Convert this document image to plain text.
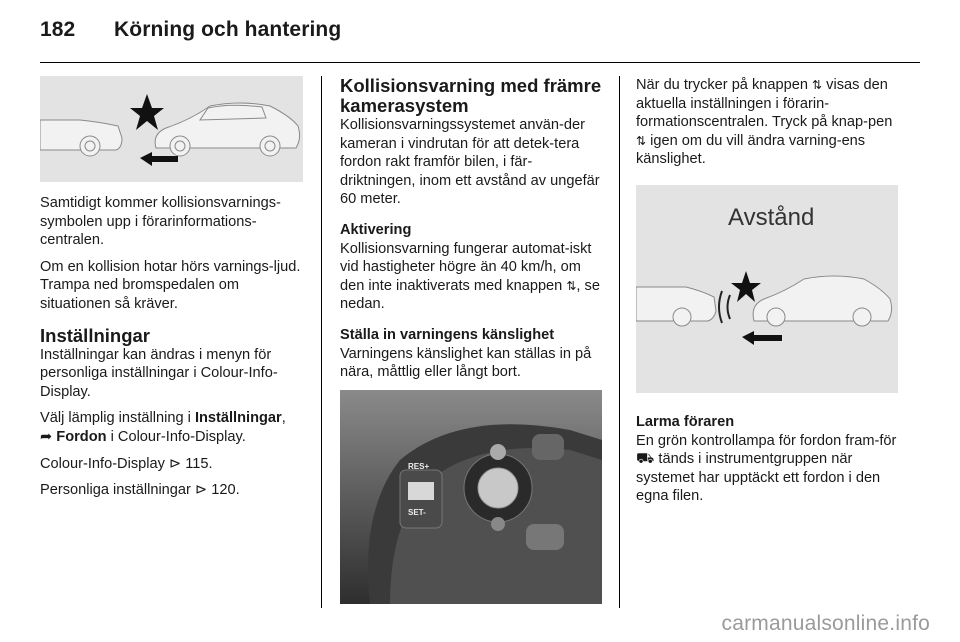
182 Körning och hantering

Samtidigt kommer kollisionsvarnings-symbolen upp i förarinformations-centralen.

Om en kollision hotar hörs varnings-ljud. Trampa ned bromspedalen om situationen så kräver.

Inställningar

Inställningar kan ändras i menyn för personliga inställningar i Colour-Info-Display.

Välj lämplig inställning i Inställningar,
➦ Fordon i Colour-Info-Display.

Colour-Info-Display ⊳ 115.

Personliga inställningar ⊳ 120.

Kollisionsvarning med främre kamerasystem

Kollisionsvarningssystemet använ-der kameran i vindrutan för att detek-tera fordon rakt framför bilen, i fär-driktningen, inom ett avstånd av ungefär 60 meter.

Aktivering

Kollisionsvarning fungerar automat-iskt vid hastigheter högre än 40 km/h, om den inte inaktiverats med knappen ⇅, se nedan.

Ställa in varningens känslighet

Varningens känslighet kan ställas in på nära, måttlig eller långt bort.

RES+
SET-

När du trycker på knappen ⇅ visas den aktuella inställningen i förarin-formationscentralen. Tryck på knap-pen ⇅ igen om du vill ändra varning-ens känslighet.

Avstånd
Larma föraren

En grön kontrollampa för fordon fram-för ⛟ tänds i instrumentgruppen när systemet har upptäckt ett fordon i den egna filen.

carmanualsonline.info
